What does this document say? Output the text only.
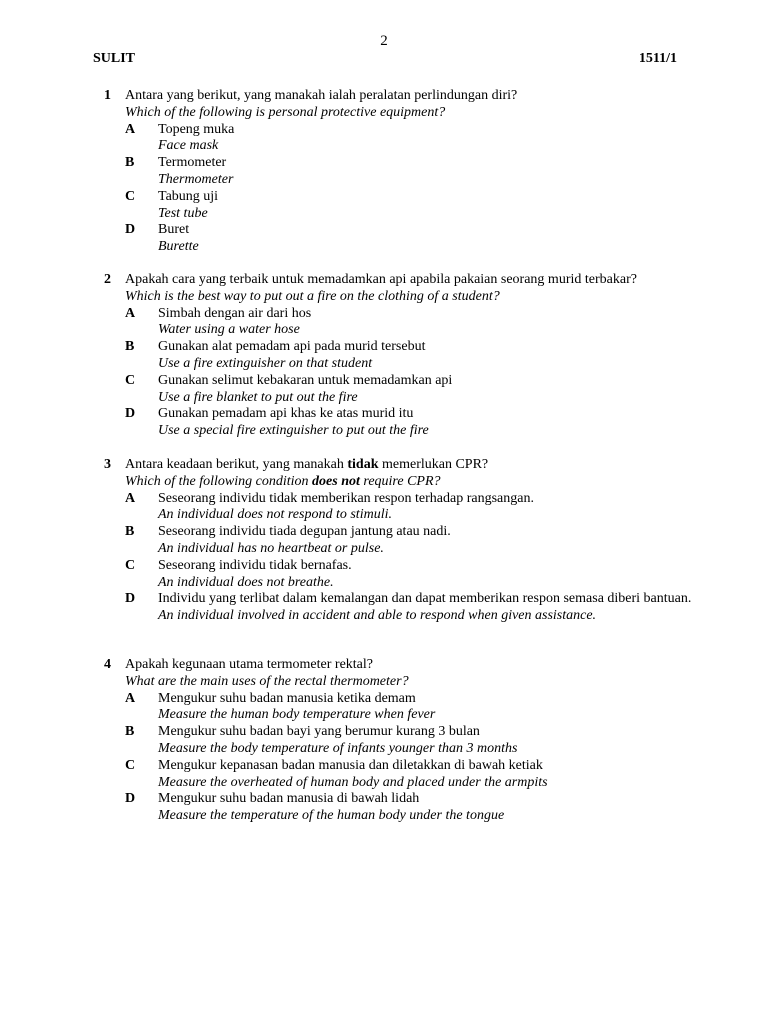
2
SULIT	1511/1
1 Antara yang berikut, yang manakah ialah peralatan perlindungan diri?
Which of the following is personal protective equipment?
A Topeng muka
Face mask
B Termometer
Thermometer
C Tabung uji
Test tube
D Buret
Burette
2 Apakah cara yang terbaik untuk memadamkan api apabila pakaian seorang murid terbakar?
Which is the best way to put out a fire on the clothing of a student?
A Simbah dengan air dari hos
Water using a water hose
B Gunakan alat pemadam api pada murid tersebut
Use a fire extinguisher on that student
C Gunakan selimut kebakaran untuk memadamkan api
Use a fire blanket to put out the fire
D Gunakan pemadam api khas ke atas murid itu
Use a special fire extinguisher to put out the fire
3 Antara keadaan berikut, yang manakah tidak memerlukan CPR?
Which of the following condition does not require CPR?
A Seseorang individu tidak memberikan respon terhadap rangsangan.
An individual does not respond to stimuli.
B Seseorang individu tiada degupan jantung atau nadi.
An individual has no heartbeat or pulse.
C Seseorang individu tidak bernafas.
An individual does not breathe.
D Individu yang terlibat dalam kemalangan dan dapat memberikan respon semasa diberi bantuan.
An individual involved in accident and able to respond when given assistance.
4 Apakah kegunaan utama termometer rektal?
What are the main uses of the rectal thermometer?
A Mengukur suhu badan manusia ketika demam
Measure the human body temperature when fever
B Mengukur suhu badan bayi yang berumur kurang 3 bulan
Measure the body temperature of infants younger than 3 months
C Mengukur kepanasan badan manusia dan diletakkan di bawah ketiak
Measure the overheated of human body and placed under the armpits
D Mengukur suhu badan manusia di bawah lidah
Measure the temperature of the human body under the tongue
